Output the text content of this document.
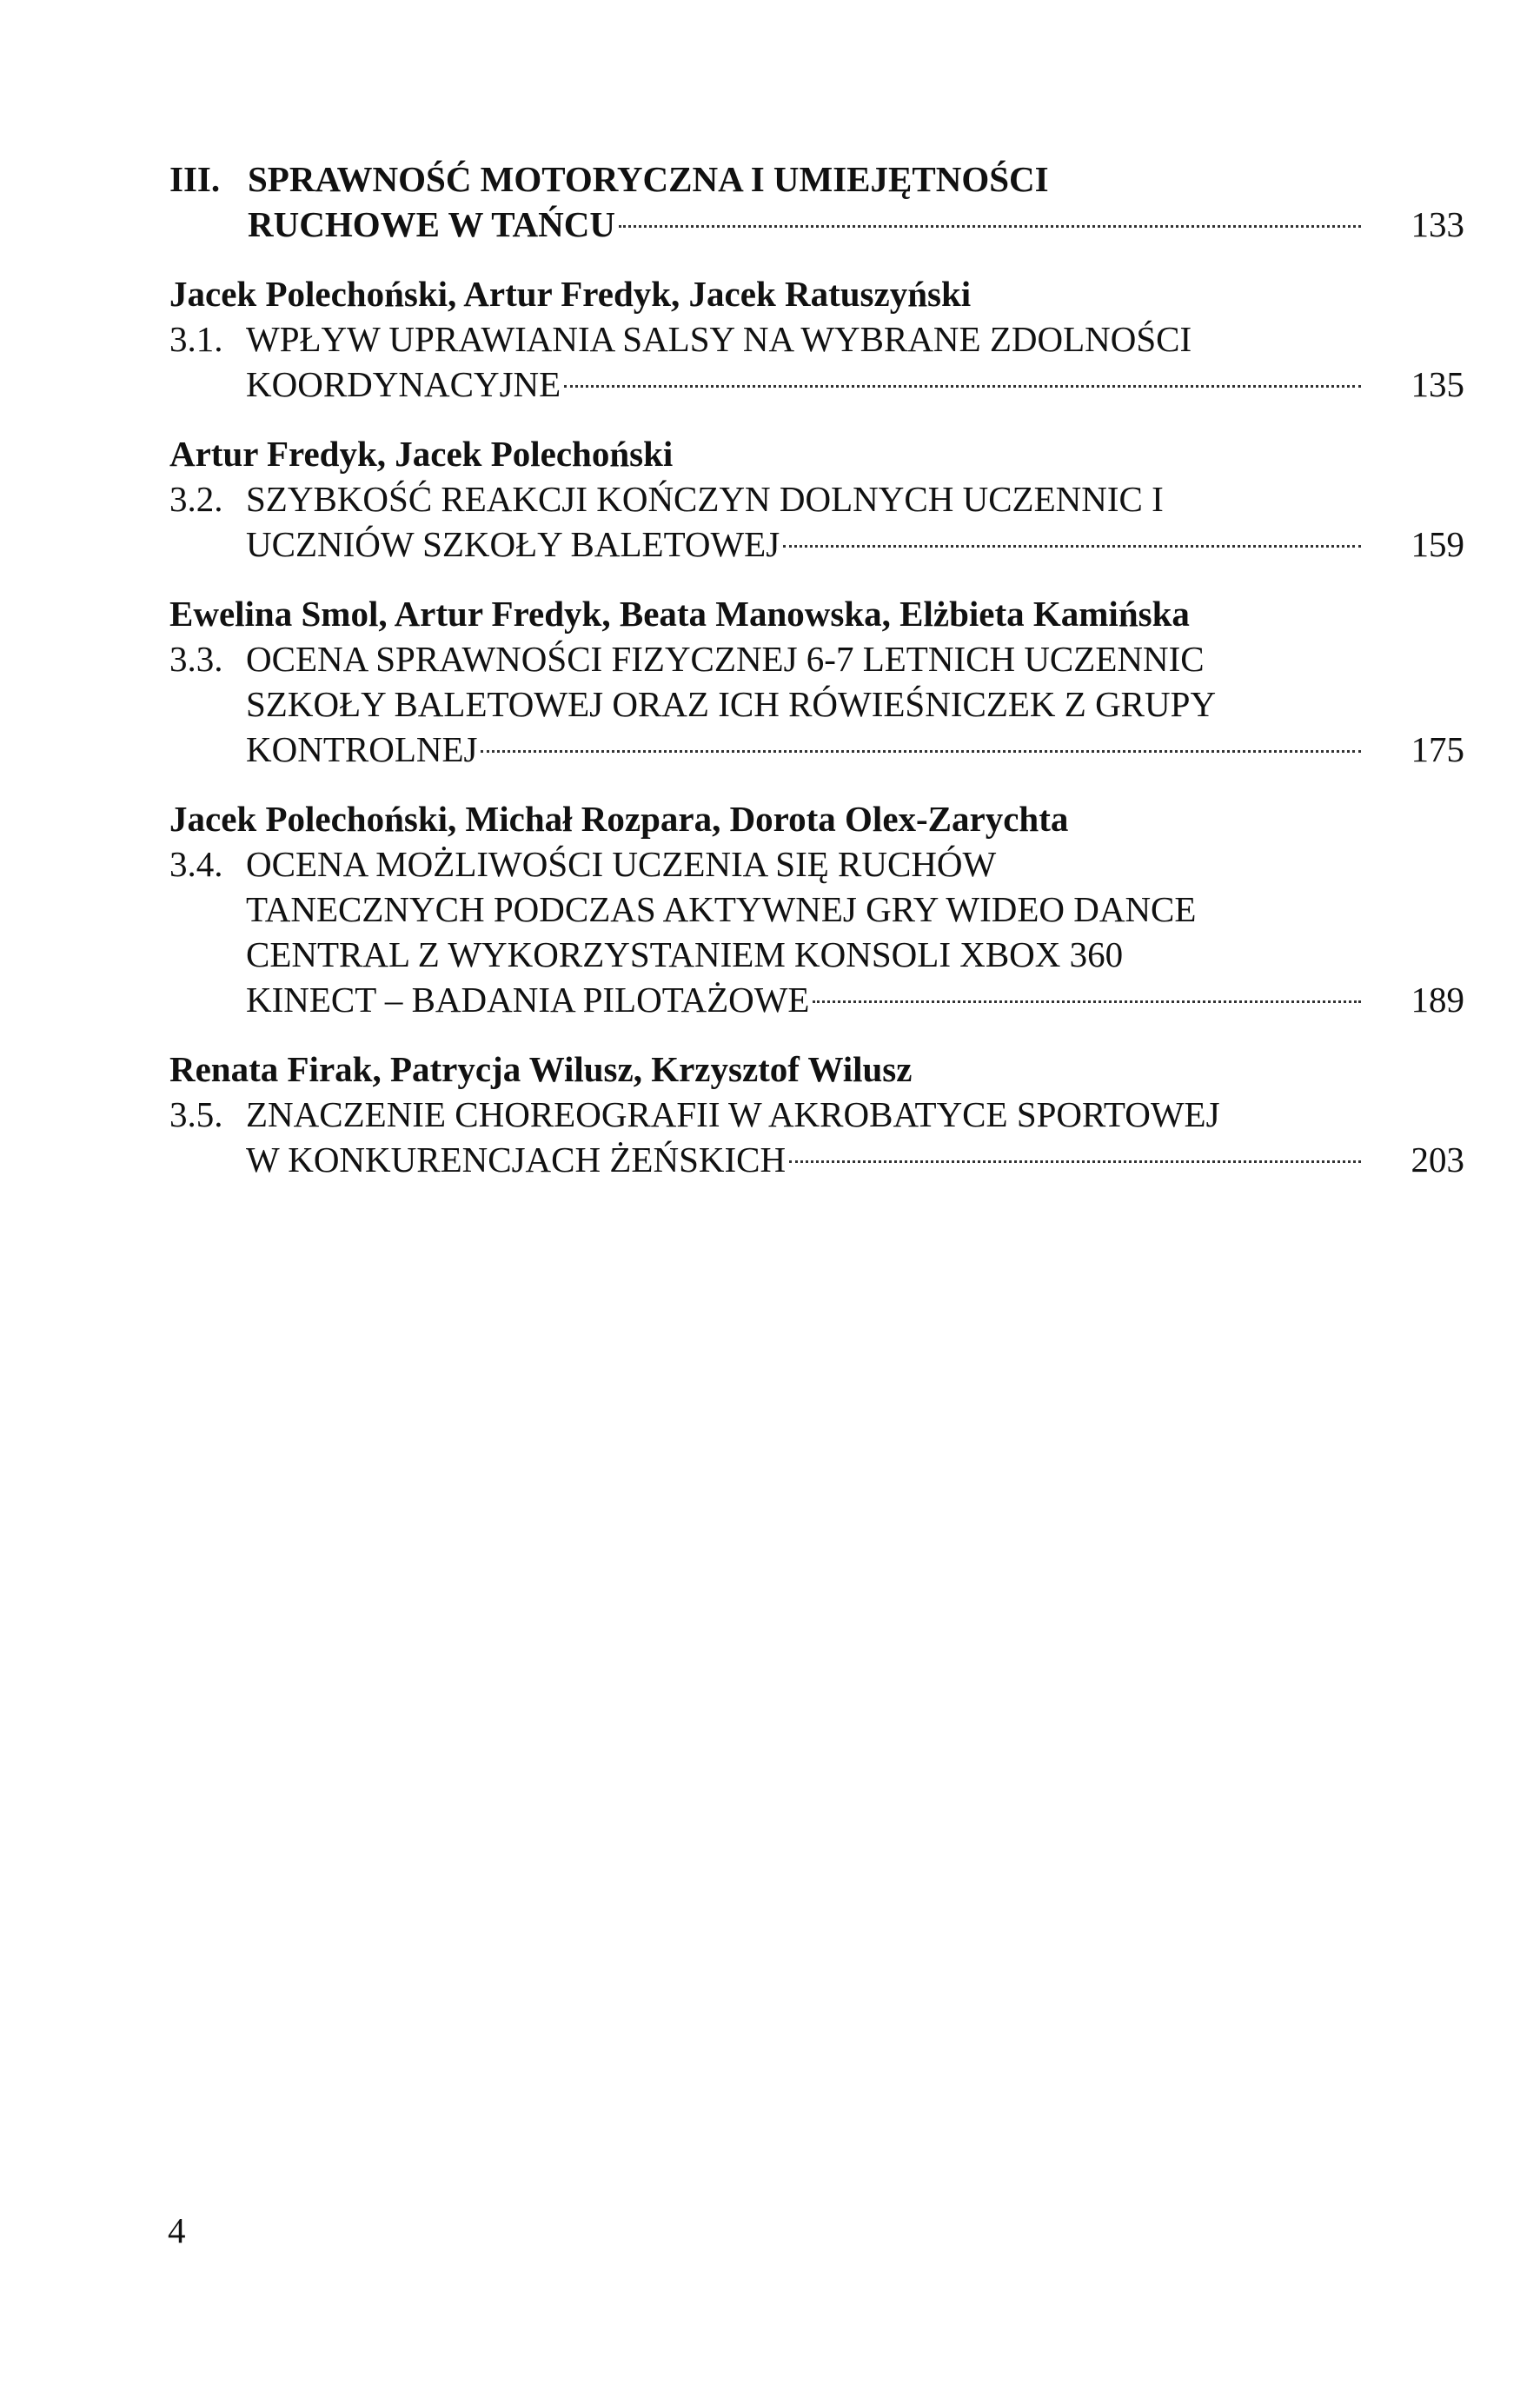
III. SPRAWNOŚĆ MOTORYCZNA I UMIEJĘTNOŚCI
RUCHOWE W TAŃCU	133
Jacek Polechoński, Artur Fredyk, Jacek Ratuszyński
3.1. WPŁYW UPRAWIANIA SALSY NA WYBRANE ZDOLNOŚCI
KOORDYNACYJNE	135
Artur Fredyk, Jacek Polechoński
3.2. SZYBKOŚĆ REAKCJI KOŃCZYN DOLNYCH UCZENNIC I
UCZNIÓW SZKOŁY BALETOWEJ	159
Ewelina Smol, Artur Fredyk, Beata Manowska, Elżbieta Kamińska
3.3. OCENA SPRAWNOŚCI FIZYCZNEJ 6-7 LETNICH UCZENNIC
SZKOŁY BALETOWEJ ORAZ ICH RÓWIEŚNICZEK Z GRUPY
KONTROLNEJ	175
Jacek Polechoński, Michał Rozpara, Dorota Olex-Zarychta
3.4. OCENA MOŻLIWOŚCI UCZENIA SIĘ RUCHÓW
TANECZNYCH PODCZAS AKTYWNEJ GRY WIDEO DANCE
CENTRAL Z WYKORZYSTANIEM KONSOLI XBOX 360
KINECT – BADANIA PILOTAŻOWE	189
Renata Firak, Patrycja Wilusz, Krzysztof Wilusz
3.5. ZNACZENIE CHOREOGRAFII W AKROBATYCE SPORTOWEJ
W KONKURENCJACH ŻEŃSKICH	203
4
